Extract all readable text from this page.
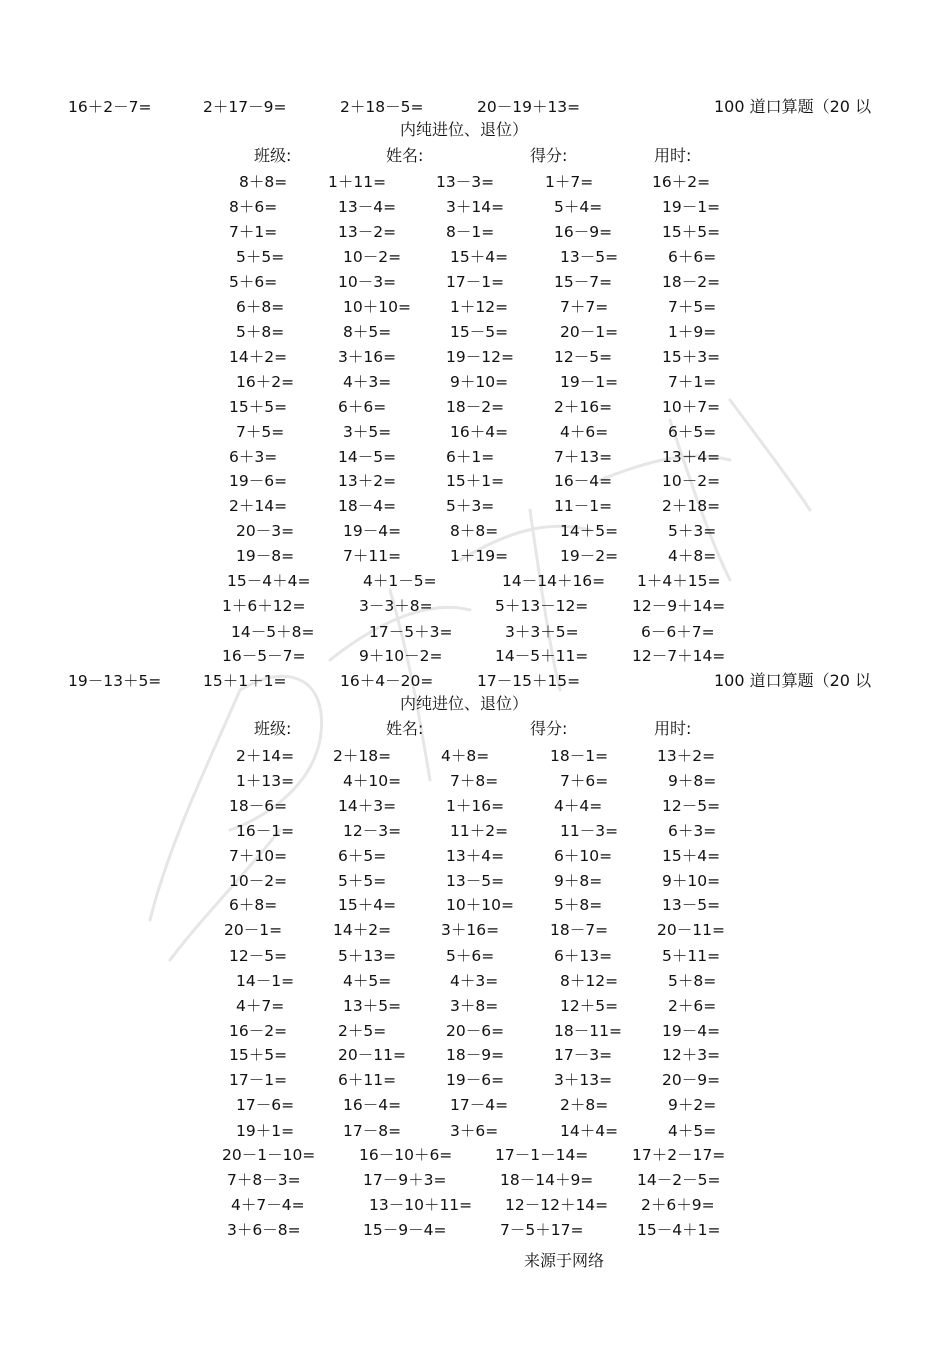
16＋2－7=	2＋17－9=	2＋18－5=	20－19＋13=	100 道口算题（20 以
内纯进位、退位）
班级:	姓名:	得分:	用时:
8＋8=	1＋11=	13－3=	1＋7=	16＋2=
8＋6=	13－4=	3＋14=	5＋4=	19－1=
7＋1=	13－2=	8－1=	16－9=	15＋5=
5＋5=	10－2=	15＋4=	13－5=	6＋6=
5＋6=	10－3=	17－1=	15－7=	18－2=
6＋8=	10＋10=	1＋12=	7＋7=	7＋5=
5＋8=	8＋5=	15－5=	20－1=	1＋9=
14＋2=	3＋16=	19－12=	12－5=	15＋3=
16＋2=	4＋3=	9＋10=	19－1=	7＋1=
15＋5=	6＋6=	18－2=	2＋16=	10＋7=
7＋5=	3＋5=	16＋4=	4＋6=	6＋5=
6＋3=	14－5=	6＋1=	7＋13=	13＋4=
19－6=	13＋2=	15＋1=	16－4=	10－2=
2＋14=	18－4=	5＋3=	11－1=	2＋18=
20－3=	19－4=	8＋8=	14＋5=	5＋3=
19－8=	7＋11=	1＋19=	19－2=	4＋8=
15－4＋4=	4＋1－5=	14－14＋16= 1＋4＋15=
1＋6＋12=	3－3＋8=	5＋13－12=	12－9＋14=
14－5＋8=	17－5＋3=	3＋3＋5=	6－6＋7=
16－5－7=	9＋10－2=	14－5＋11=	12－7＋14=
19－13＋5=	15＋1＋1=	16＋4－20=	17－15＋15=	100 道口算题（20 以
内纯进位、退位）
班级:	姓名:	得分:	用时:
2＋14=	2＋18=	4＋8=	18－1=	13＋2=
1＋13=	4＋10=	7＋8=	7＋6=	9＋8=
18－6=	14＋3=	1＋16=	4＋4=	12－5=
16－1=	12－3=	11＋2=	11－3=	6＋3=
7＋10=	6＋5=	13＋4=	6＋10=	15＋4=
10－2=	5＋5=	13－5=	9＋8=	9＋10=
6＋8=	15＋4=	10＋10=	5＋8=	13－5=
20－1=	14＋2=	3＋16=	18－7=	20－11=
12－5=	5＋13=	5＋6=	6＋13=	5＋11=
14－1=	4＋5=	4＋3=	8＋12=	5＋8=
4＋7=	13＋5=	3＋8=	12＋5=	2＋6=
16－2=	2＋5=	20－6=	18－11=	19－4=
15＋5=	20－11=	18－9=	17－3=	12＋3=
17－1=	6＋11=	19－6=	3＋13=	20－9=
17－6=	16－4=	17－4=	2＋8=	9＋2=
19＋1=	17－8=	3＋6=	14＋4=	4＋5=
20－1－10=	16－10＋6=	17－1－14=	17＋2－17=
7＋8－3=	17－9＋3=	18－14＋9=	14－2－5=
4＋7－4=	13－10＋11= 12－12＋14= 2＋6＋9=
3＋6－8=	15－9－4=	7－5＋17=	15－4＋1=
来源于网络
